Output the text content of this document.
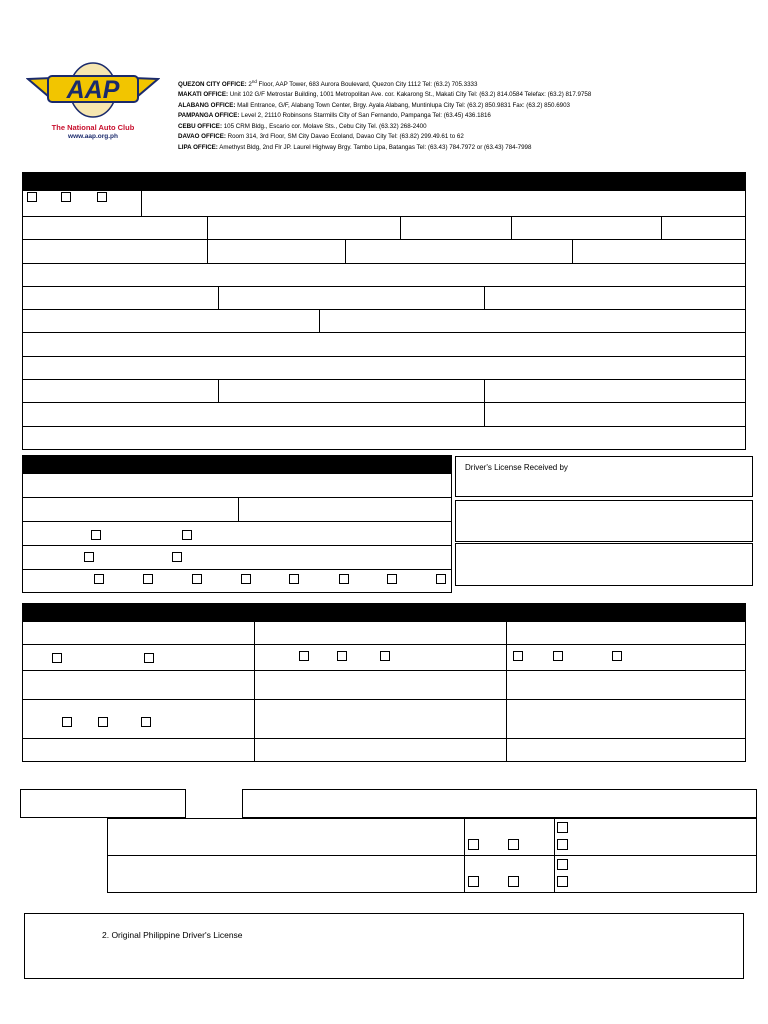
AAP
The National Auto Club
www.aap.org.ph
QUEZON CITY OFFICE: 2nd Floor, AAP Tower, 683 Aurora Boulevard, Quezon City 1112 Tel: (63.2) 705.3333
MAKATI OFFICE: Unit 102 G/F Metrostar Building, 1001 Metropolitan Ave. cor. Kakarong St., Makati City Tel: (63.2) 814.0584 Telefax: (63.2) 817.9758
ALABANG OFFICE: Mall Entrance, G/F, Alabang Town Center, Brgy. Ayala Alabang, Muntinlupa City Tel: (63.2) 850.9831 Fax: (63.2) 850.6903
PAMPANGA OFFICE: Level 2, 21110 Robinsons Starmills City of San Fernando, Pampanga Tel: (63.45) 436.1816
CEBU OFFICE: 105 CRM Bldg., Escario cor. Molave Sts., Cebu City Tel. (63.32) 268-2400
DAVAO OFFICE: Room 314, 3rd Floor, SM City Davao Ecoland, Davao City Tel: (63.82) 299.49.61 to 62
LIPA OFFICE: Amethyst Bldg, 2nd Flr JP. Laurel Highway Brgy. Tambo Lipa, Batangas Tel: (63.43) 784.7972 or (63.43) 784-7998
Driver's License Received by
2. Original Philippine Driver's License
